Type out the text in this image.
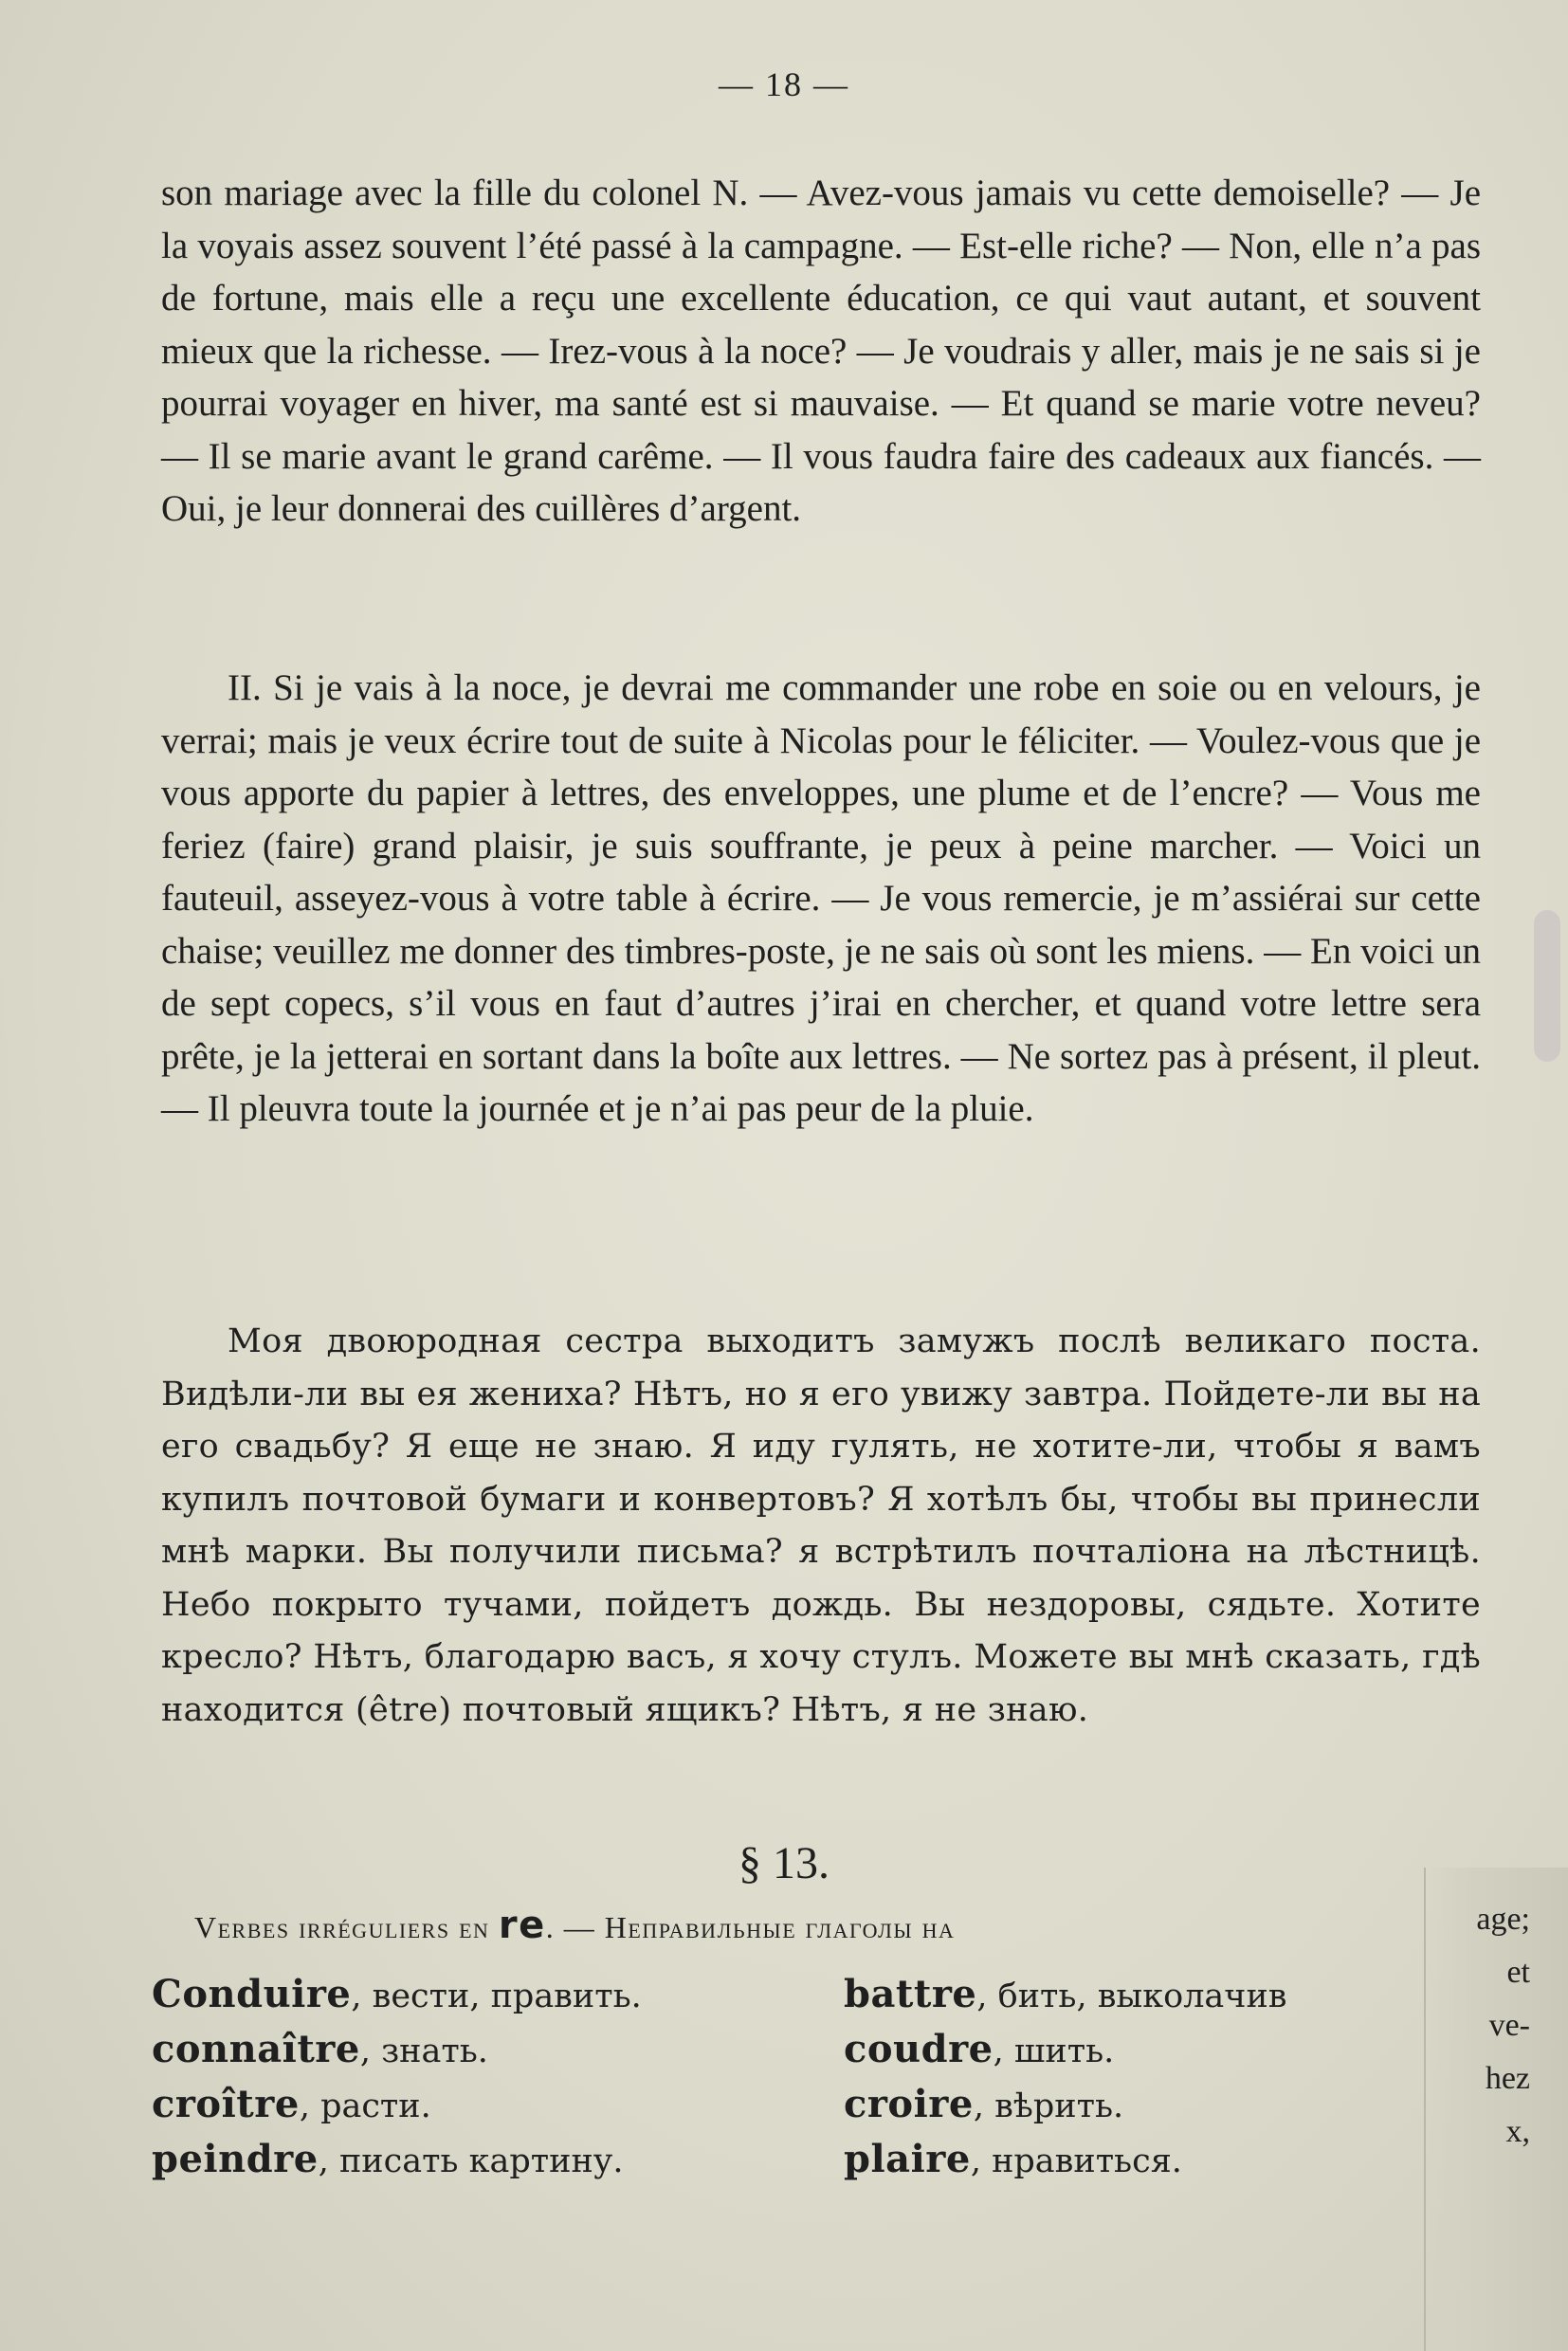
— 18 —

son mariage avec la fille du colonel N. — Avez-vous jamais vu cette demoiselle? — Je la voyais assez souvent l’été passé à la campagne. — Est-elle riche? — Non, elle n’a pas de fortune, mais elle a reçu une excellente éducation, ce qui vaut autant, et souvent mieux que la richesse. — Irez-vous à la noce? — Je voudrais y aller, mais je ne sais si je pourrai voyager en hiver, ma santé est si mauvaise. — Et quand se marie votre neveu? — Il se marie avant le grand carême. — Il vous faudra faire des cadeaux aux fiancés. — Oui, je leur donnerai des cuillères d’argent.

II. Si je vais à la noce, je devrai me commander une robe en soie ou en velours, je verrai; mais je veux écrire tout de suite à Nicolas pour le féliciter. — Voulez-vous que je vous apporte du papier à lettres, des enveloppes, une plume et de l’encre? — Vous me feriez (faire) grand plaisir, je suis souffrante, je peux à peine marcher. — Voici un fauteuil, asseyez-vous à votre table à écrire. — Je vous remercie, je m’assiérai sur cette chaise; veuillez me donner des timbres-poste, je ne sais où sont les miens. — En voici un de sept copecs, s’il vous en faut d’autres j’irai en chercher, et quand votre lettre sera prête, je la jetterai en sortant dans la boîte aux lettres. — Ne sortez pas à présent, il pleut. — Il pleuvra toute la journée et je n’ai pas peur de la pluie.

Моя двоюродная сестра выходитъ замужъ послѣ великаго поста. Видѣли-ли вы ея жениха? Нѣтъ, но я его увижу завтра. Пойдете-ли вы на его свадьбу? Я еще не знаю. Я иду гулять, не хотите-ли, чтобы я вамъ купилъ почтовой бумаги и конвертовъ? Я хотѣлъ бы, чтобы вы принесли мнѣ марки. Вы получили письма? я встрѣтилъ почталіона на лѣстницѣ. Небо покрыто тучами, пойдетъ дождь. Вы нездоровы, сядьте. Хотите кресло? Нѣтъ, благодарю васъ, я хочу стулъ. Можете вы мнѣ сказать, гдѣ находится (être) почтовый ящикъ? Нѣтъ, я не знаю.

§ 13.
Verbes irréguliers en re. — Неправильные глаголы на
Conduire, вести, править.	battre, бить, выколачив
connaître, знать.	coudre, шить.
croître, расти.	croire, вѣрить.
peindre, писать картину.	plaire, нравиться.
age;
et
ve-
hez
x,
